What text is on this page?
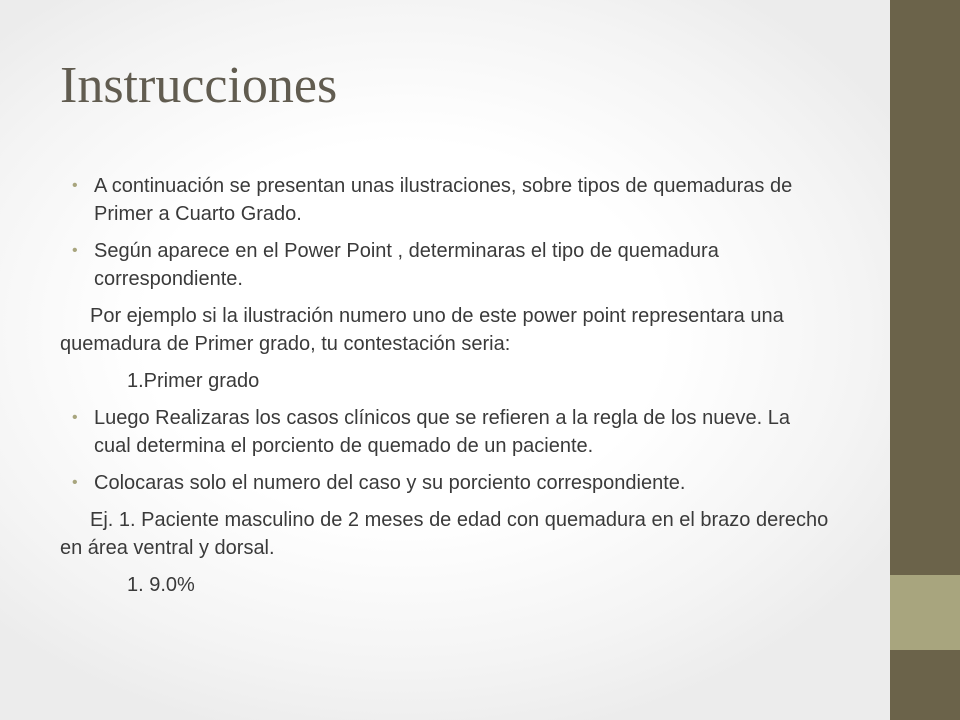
Instrucciones
• A continuación se presentan unas ilustraciones, sobre tipos de quemaduras de Primer a Cuarto Grado.
• Según aparece en el Power Point , determinaras el tipo de quemadura correspondiente.
Por ejemplo si la ilustración numero uno de este power point representara una quemadura de Primer grado, tu contestación seria:
1.Primer grado
• Luego Realizaras los casos clínicos que se refieren a la regla de los nueve. La cual determina el porciento de quemado de un paciente.
• Colocaras solo el numero del caso y su porciento correspondiente.
Ej. 1. Paciente masculino de 2 meses de edad con quemadura en el brazo derecho en área ventral y dorsal.
1. 9.0%
